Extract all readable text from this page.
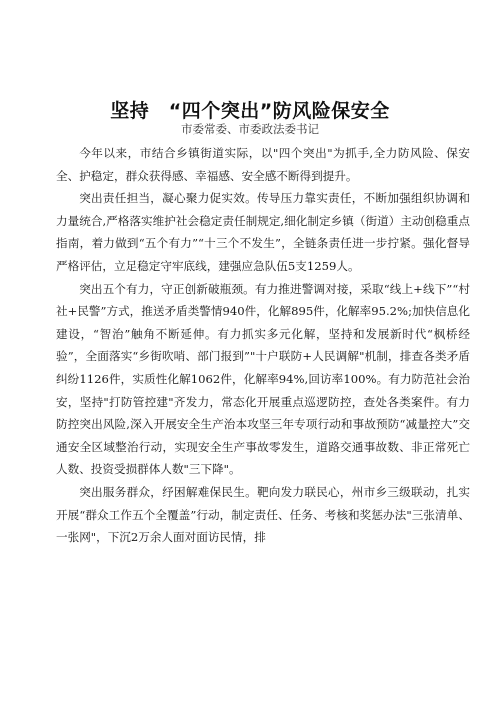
坚持　“四个突出”防风险保安全
市委常委、市委政法委书记

今年以来，市结合乡镇街道实际，以"四个突出"为抓手,全力防风险、保安全、护稳定，群众获得感、幸福感、安全感不断得到提升。

突出责任担当，凝心聚力促实效。传导压力靠实责任，不断加强组织协调和力量统合,严格落实维护社会稳定责任制规定,细化制定乡镇（街道）主动创稳重点指南，着力做到“五个有力”“十三个不发生”，全链条责任进一步拧紧。强化督导严格评估，立足稳定守牢底线，建强应急队伍5支1259人。

突出五个有力，守正创新破瓶颈。有力推进警调对接，采取“线上+线下”“村社+民警”方式，推送矛盾类警情940件，化解895件，化解率95.2%;加快信息化建设，“智治”触角不断延伸。有力抓实多元化解，坚持和发展新时代“枫桥经验”，全面落实“乡街吹哨、部门报到”"十户联防+人民调解"机制，排查各类矛盾纠纷1126件，实质性化解1062件，化解率94%,回访率100%。有力防范社会治安，坚持"打防管控建"齐发力，常态化开展重点巡逻防控，查处各类案件。有力防控突出风险,深入开展安全生产治本攻坚三年专项行动和事故预防“减量控大”交通安全区域整治行动，实现安全生产事故零发生，道路交通事故数、非正常死亡人数、投资受损群体人数"三下降"。

突出服务群众，纾困解难保民生。靶向发力联民心，州市乡三级联动，扎实开展“群众工作五个全覆盖”行动，制定责任、任务、考核和奖惩办法"三张清单、一张网"，下沉2万余人面对面访民情，排
